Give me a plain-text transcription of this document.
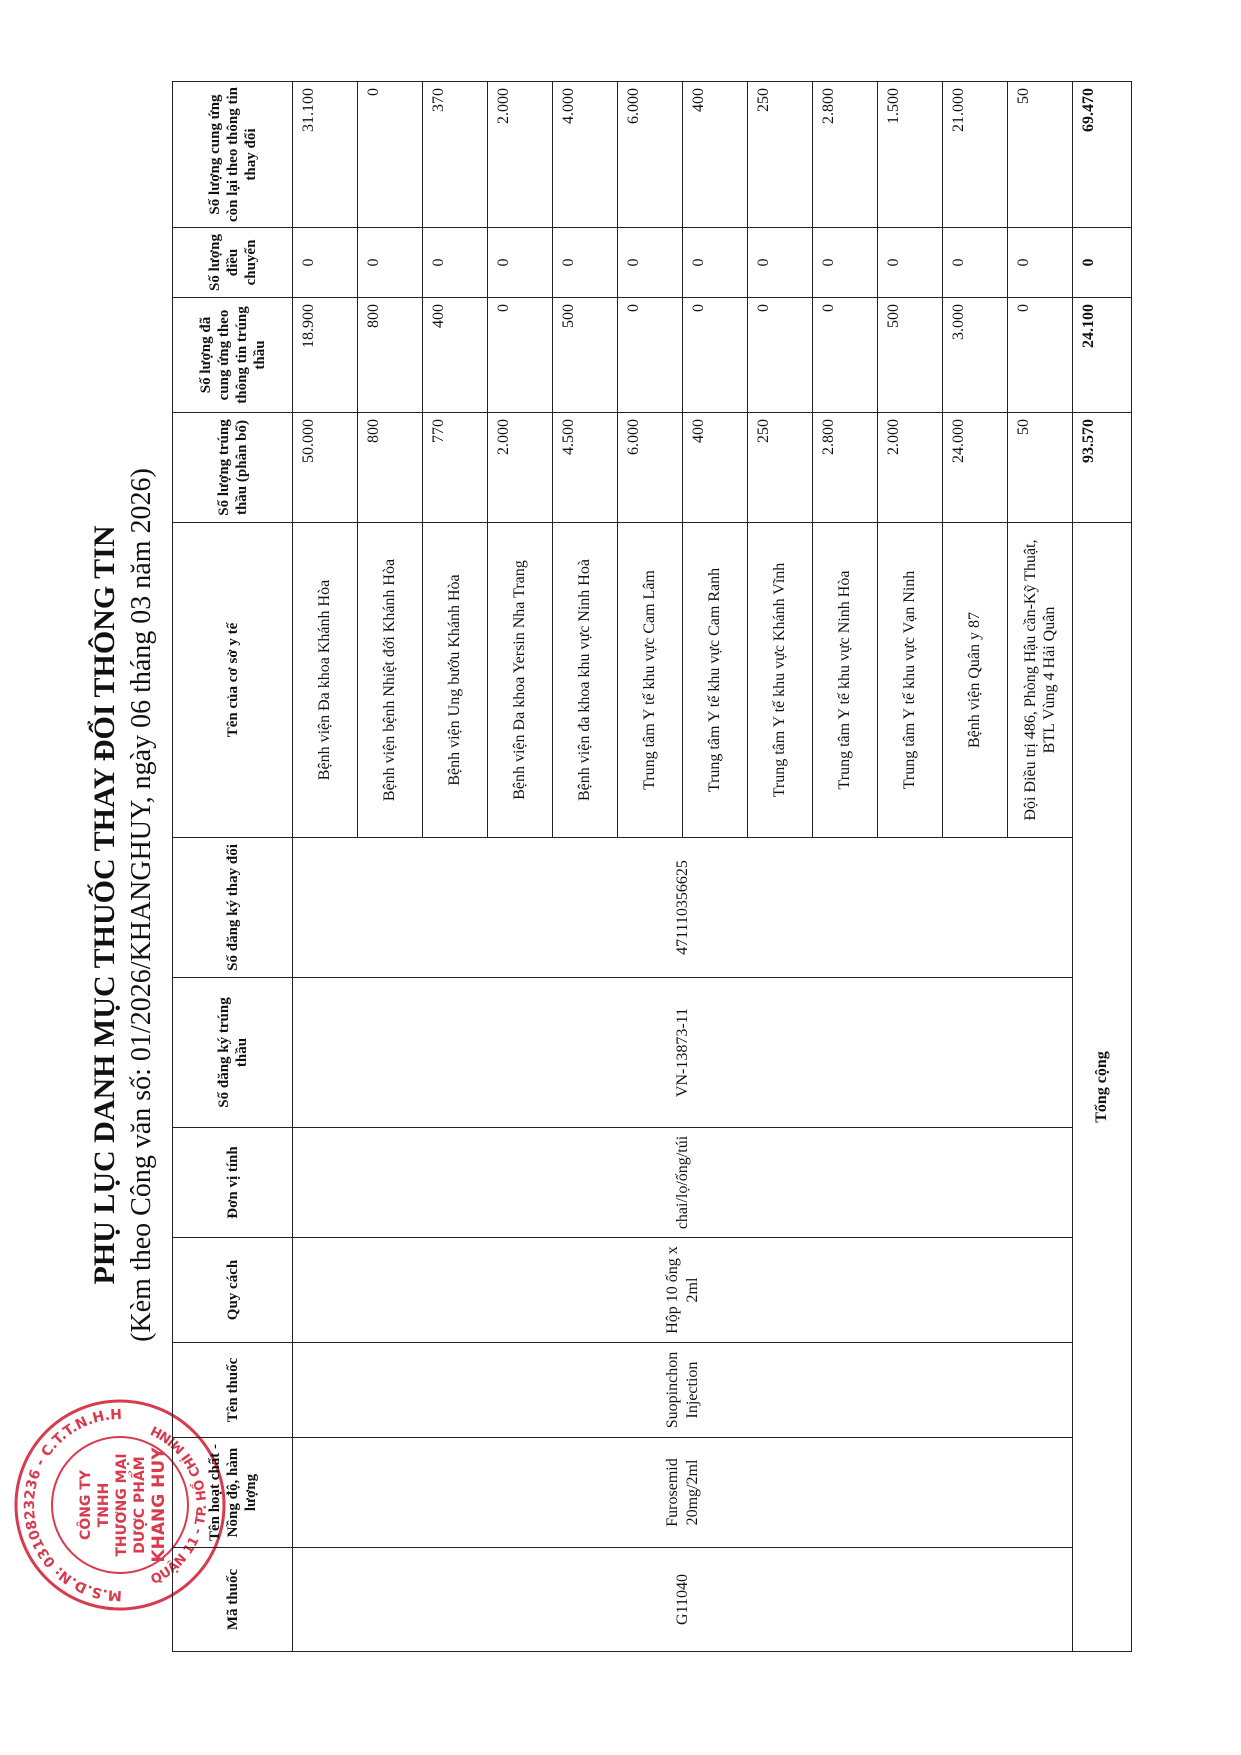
M.S.D.N: 0310823236 - C.T.T.N.H.H
QUẬN 11 - TP. HỒ CHÍ MINH
CÔNG TY TNHH THƯƠNG MẠI DƯỢC PHẨM KHANG HUY
PHỤ LỤC DANH MỤC THUỐC THAY ĐỔI THÔNG TIN (Kèm theo Công văn số: 01/2026/KHANGHUY, ngày 06 tháng 03 năm 2026)

Mã thuốc	Tên hoạt chất - Nồng độ, hàm lượng	Tên thuốc	Quy cách	Đơn vị tính	Số đăng ký trúng thầu	Số đăng ký thay đổi	Tên của cơ sở y tế	Số lượng trúng thầu (phân bổ)	Số lượng đã cung ứng theo thông tin trúng thầu	Số lượng điều chuyển	Số lượng cung ứng còn lại theo thông tin thay đổi
G11040	Furosemid 20mg/2ml	Suopinchon Injection	Hộp 10 ống x 2ml	chai/lọ/ống/túi	VN-13873-11	471110356625	Bệnh viện Đa khoa Khánh Hòa	50.000	18.900	0	31.100
							Bệnh viện bệnh Nhiệt đới Khánh Hòa	800	800	0	0
							Bệnh viện Ung bướu Khánh Hòa	770	400	0	370
							Bệnh viện Đa khoa Yersin Nha Trang	2.000	0	0	2.000
							Bệnh viện đa khoa khu vực Ninh Hoà	4.500	500	0	4.000
							Trung tâm Y tế khu vực Cam Lâm	6.000	0	0	6.000
							Trung tâm Y tế khu vực Cam Ranh	400	0	0	400
							Trung tâm Y tế khu vực Khánh Vĩnh	250	0	0	250
							Trung tâm Y tế khu vực Ninh Hòa	2.800	0	0	2.800
							Trung tâm Y tế khu vực Vạn Ninh	2.000	500	0	1.500
							Bệnh viện Quân y 87	24.000	3.000	0	21.000
							Đội Điều trị 486, Phòng Hậu cần-Kỹ Thuật, BTL Vùng 4 Hải Quân	50	0	0	50
Tổng cộng								93.570	24.100	0	69.470
